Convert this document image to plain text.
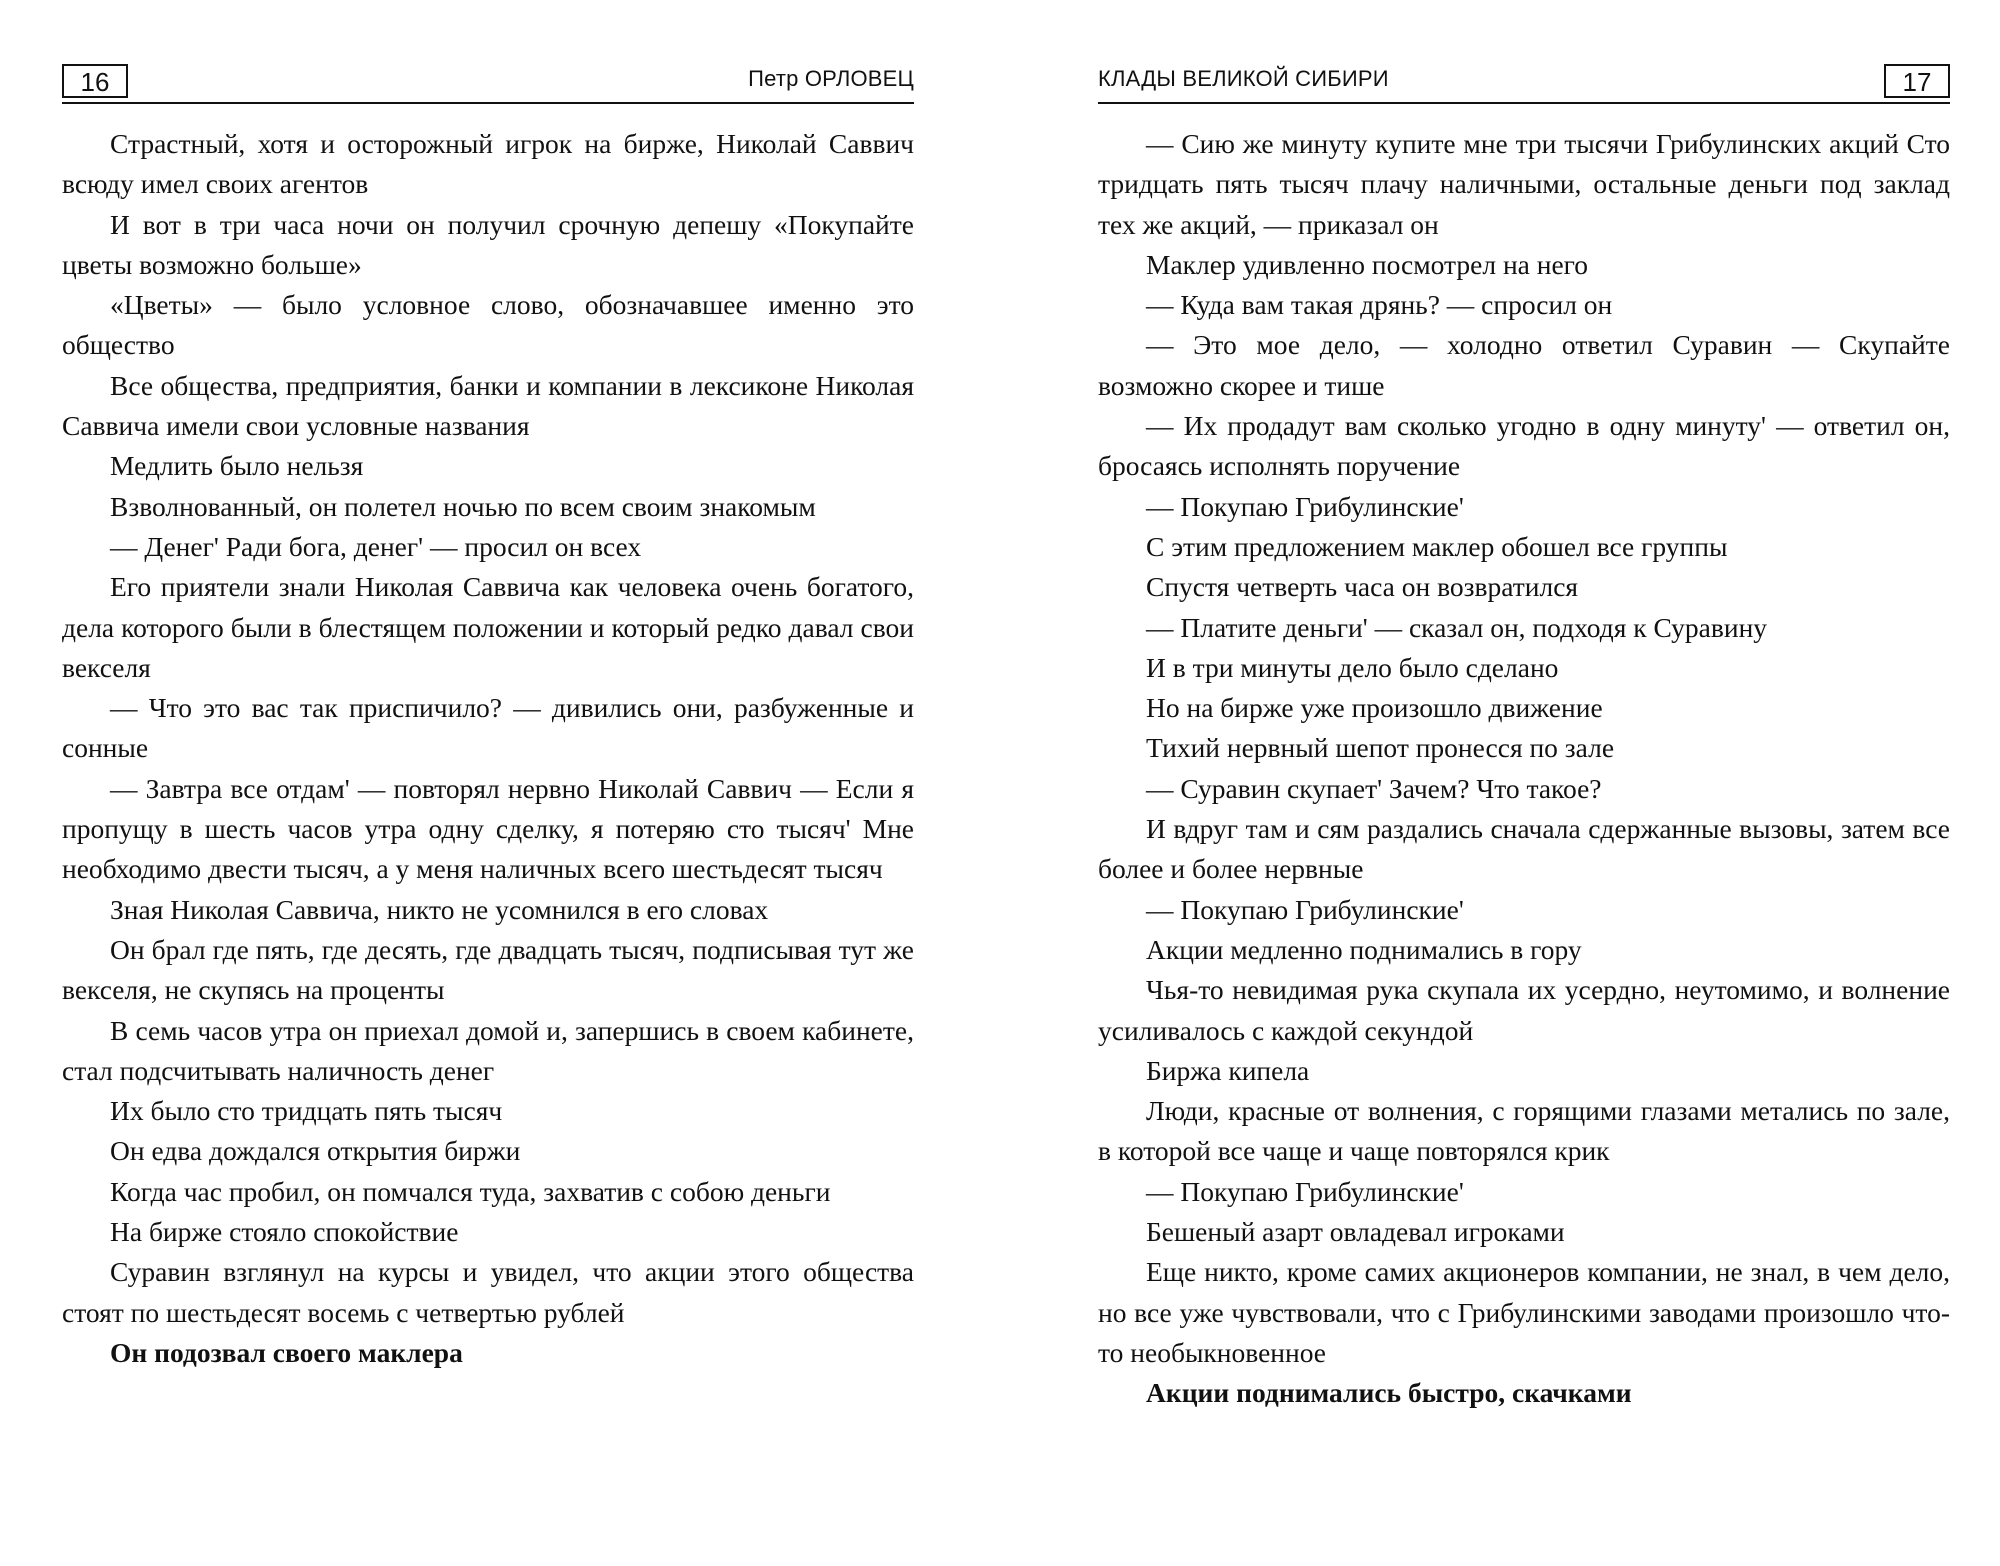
16	Петр ОРЛОВЕЦ

Страстный, хотя и осторожный игрок на бирже, Николай Саввич всюду имел своих агентов

И вот в три часа ночи он получил срочную депешу «Покупайте цветы возможно больше»

«Цветы» — было условное слово, обозначавшее именно это общество

Все общества, предприятия, банки и компании в лексиконе Николая Саввича имели свои условные названия

Медлить было нельзя

Взволнованный, он полетел ночью по всем своим знакомым

— Денег' Ради бога, денег' — просил он всех

Его приятели знали Николая Саввича как человека очень богатого, дела которого были в блестящем положении и который редко давал свои векселя

— Что это вас так приспичило? — дивились они, разбуженные и сонные

— Завтра все отдам' — повторял нервно Николай Саввич — Если я пропущу в шесть часов утра одну сделку, я потеряю сто тысяч' Мне необходимо двести тысяч, а у меня наличных всего шестьдесят тысяч

Зная Николая Саввича, никто не усомнился в его словах

Он брал где пять, где десять, где двадцать тысяч, подписывая тут же векселя, не скупясь на проценты

В семь часов утра он приехал домой и, запершись в своем кабинете, стал подсчитывать наличность денег

Их было сто тридцать пять тысяч

Он едва дождался открытия биржи

Когда час пробил, он помчался туда, захватив с собою деньги

На бирже стояло спокойствие

Суравин взглянул на курсы и увидел, что акции этого общества стоят по шестьдесят восемь с четвертью рублей

Он подозвал своего маклера

КЛАДЫ ВЕЛИКОЙ СИБИРИ	17

— Сию же минуту купите мне три тысячи Грибулинских акций Сто тридцать пять тысяч плачу наличными, остальные деньги под заклад тех же акций, — приказал он

Маклер удивленно посмотрел на него

— Куда вам такая дрянь? — спросил он

— Это мое дело, — холодно ответил Суравин — Скупайте возможно скорее и тише

— Их продадут вам сколько угодно в одну минуту' — ответил он, бросаясь исполнять поручение

— Покупаю Грибулинские'

С этим предложением маклер обошел все группы

Спустя четверть часа он возвратился

— Платите деньги' — сказал он, подходя к Суравину

И в три минуты дело было сделано

Но на бирже уже произошло движение

Тихий нервный шепот пронесся по зале

— Суравин скупает' Зачем? Что такое?

И вдруг там и сям раздались сначала сдержанные вызовы, затем все более и более нервные

— Покупаю Грибулинские'

Акции медленно поднимались в гору

Чья-то невидимая рука скупала их усердно, неутомимо, и волнение усиливалось с каждой секундой

Биржа кипела

Люди, красные от волнения, с горящими глазами метались по зале, в которой все чаще и чаще повторялся крик

— Покупаю Грибулинские'

Бешеный азарт овладевал игроками

Еще никто, кроме самих акционеров компании, не знал, в чем дело, но все уже чувствовали, что с Грибулинскими заводами произошло что-то необыкновенное

Акции поднимались быстро, скачками
